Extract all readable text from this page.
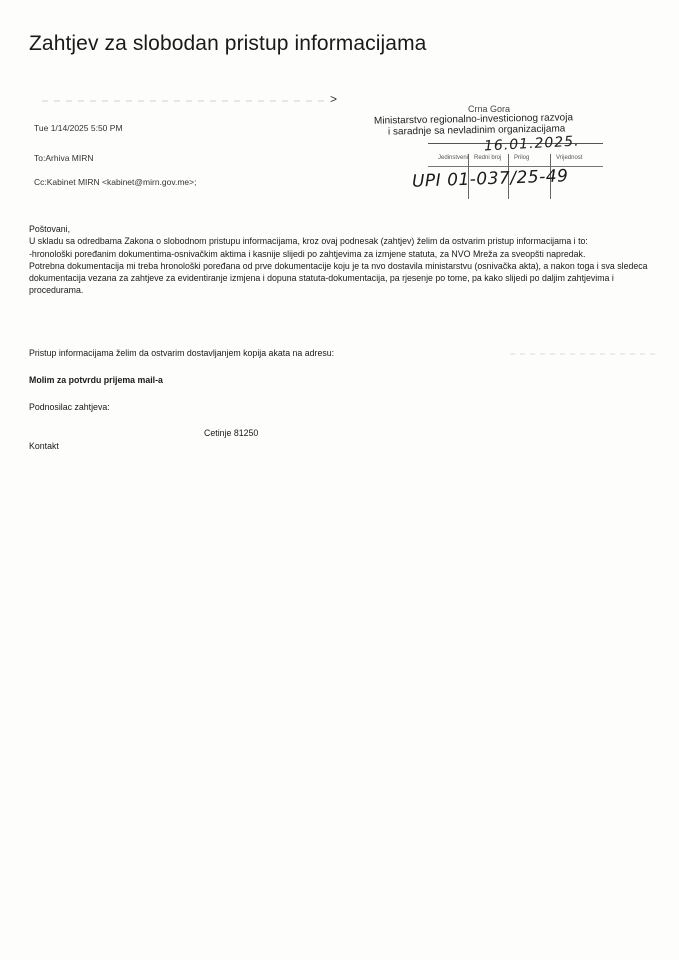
Zahtjev za slobodan pristup informacijama
>
Tue 1/14/2025 5:50 PM
To:Arhiva MIRN
Cc:Kabinet MIRN <kabinet@mirn.gov.me>;
Crna Gora
Ministarstvo regionalno-investicionog razvoja
i saradnje sa nevladinim organizacijama
16.01.2025.
Jedinstveni Redni broj Prilog	Vrijednost
UPI 01-037/25-49

Poštovani,

U skladu sa odredbama Zakona o slobodnom pristupu informacijama, kroz ovaj podnesak (zahtjev) želim da ostvarim pristup informacijama i to:

-hronološki poređanim dokumentima-osnivačkim aktima i kasnije slijedi po zahtjevima za izmjene statuta, za NVO Mreža za sveopšti napredak.

Potrebna dokumentacija mi treba hronološki poređana od prve dokumentacije koju je ta nvo dostavila ministarstvu (osnivačka akta), a nakon toga i sva sledeca dokumentacija vezana za zahtjeve za evidentiranje izmjena i dopuna statuta-dokumentacija, pa rjesenje po tome, pa kako slijedi po daljim zahtjevima i procedurama.

Pristup informacijama želim da ostvarim dostavljanjem kopija akata na adresu:
Molim za potvrdu prijema mail-a
Podnosilac zahtjeva:
Cetinje 81250
Kontakt
